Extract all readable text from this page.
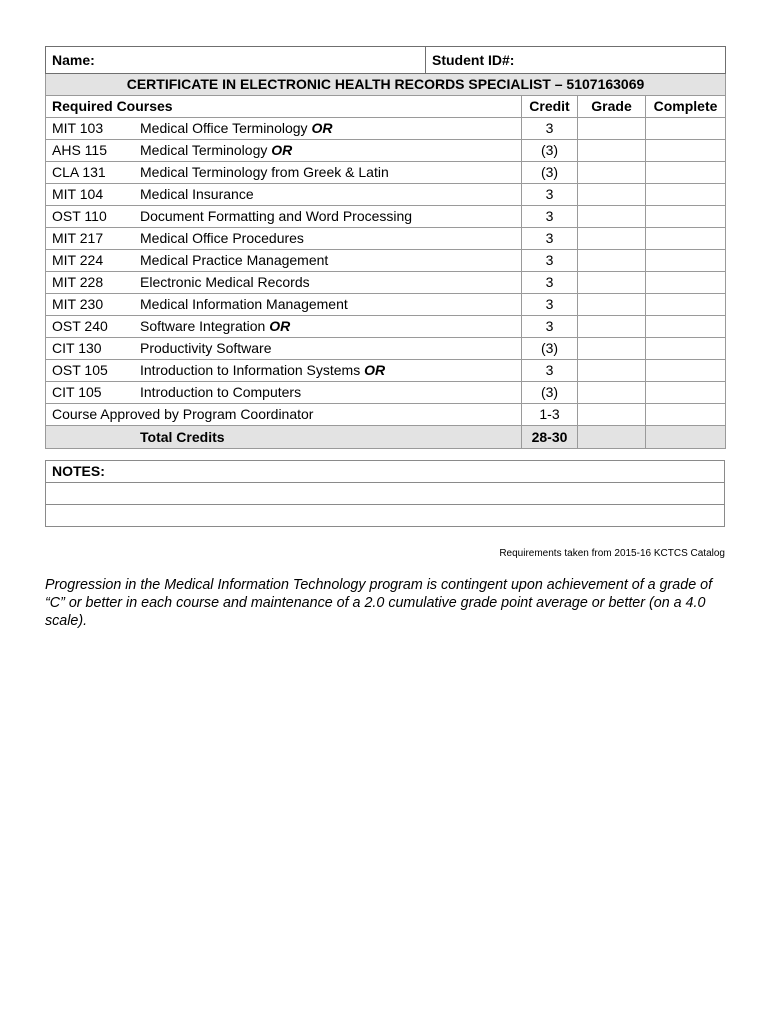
Name:	Student ID#:			
CERTIFICATE IN ELECTRONIC HEALTH RECORDS SPECIALIST – 5107163069				
Required Courses		Credit	Grade	Complete
MIT 103 Medical Office Terminology OR		3		
AHS 115 Medical Terminology OR		(3)		
CLA 131 Medical Terminology from Greek & Latin		(3)		
MIT 104 Medical Insurance		3		
OST 110 Document Formatting and Word Processing		3		
MIT 217 Medical Office Procedures		3		
MIT 224 Medical Practice Management		3		
MIT 228 Electronic Medical Records		3		
MIT 230 Medical Information Management		3		
OST 240 Software Integration OR		3		
CIT 130 Productivity Software		(3)		
OST 105 Introduction to Information Systems OR		3		
CIT 105 Introduction to Computers		(3)		
Course Approved by Program Coordinator		1-3		
Total Credits		28-30		
NOTES:

Requirements taken from 2015-16 KCTCS Catalog
Progression in the Medical Information Technology program is contingent upon achievement of a grade of “C” or better in each course and maintenance of a 2.0 cumulative grade point average or better (on a 4.0 scale).
